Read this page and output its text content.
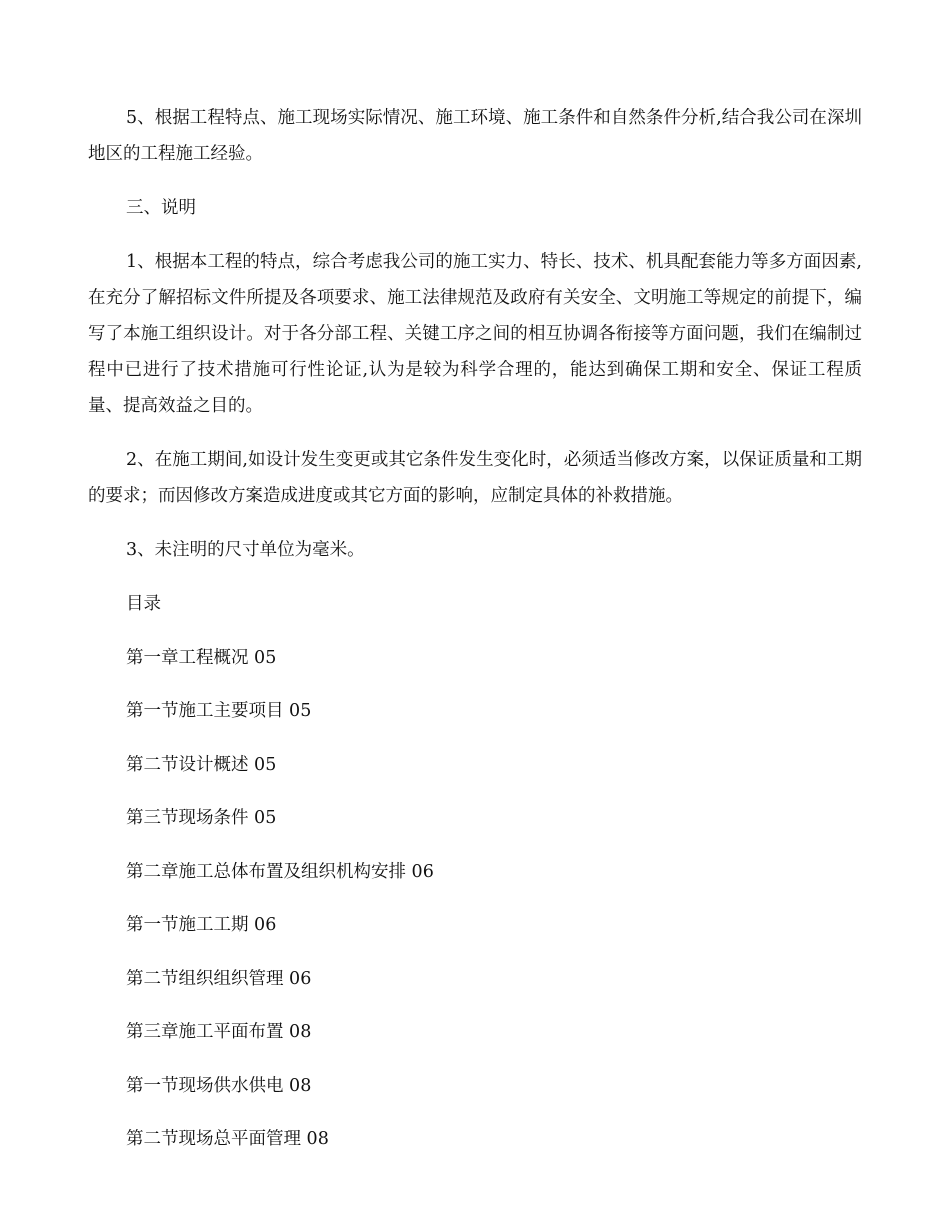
5、根据工程特点、施工现场实际情况、施工环境、施工条件和自然条件分析,结合我公司在深圳地区的工程施工经验。

三、说明

1、根据本工程的特点，综合考虑我公司的施工实力、特长、技术、机具配套能力等多方面因素,在充分了解招标文件所提及各项要求、施工法律规范及政府有关安全、文明施工等规定的前提下，编写了本施工组织设计。对于各分部工程、关键工序之间的相互协调各衔接等方面问题，我们在编制过程中已进行了技术措施可行性论证,认为是较为科学合理的，能达到确保工期和安全、保证工程质量、提高效益之目的。

2、在施工期间,如设计发生变更或其它条件发生变化时，必须适当修改方案，以保证质量和工期的要求；而因修改方案造成进度或其它方面的影响，应制定具体的补救措施。

3、未注明的尺寸单位为毫米。

目录

第一章工程概况 05
第一节施工主要项目 05
第二节设计概述 05
第三节现场条件 05
第二章施工总体布置及组织机构安排 06
第一节施工工期 06
第二节组织组织管理 06
第三章施工平面布置 08
第一节现场供水供电 08
第二节现场总平面管理 08
